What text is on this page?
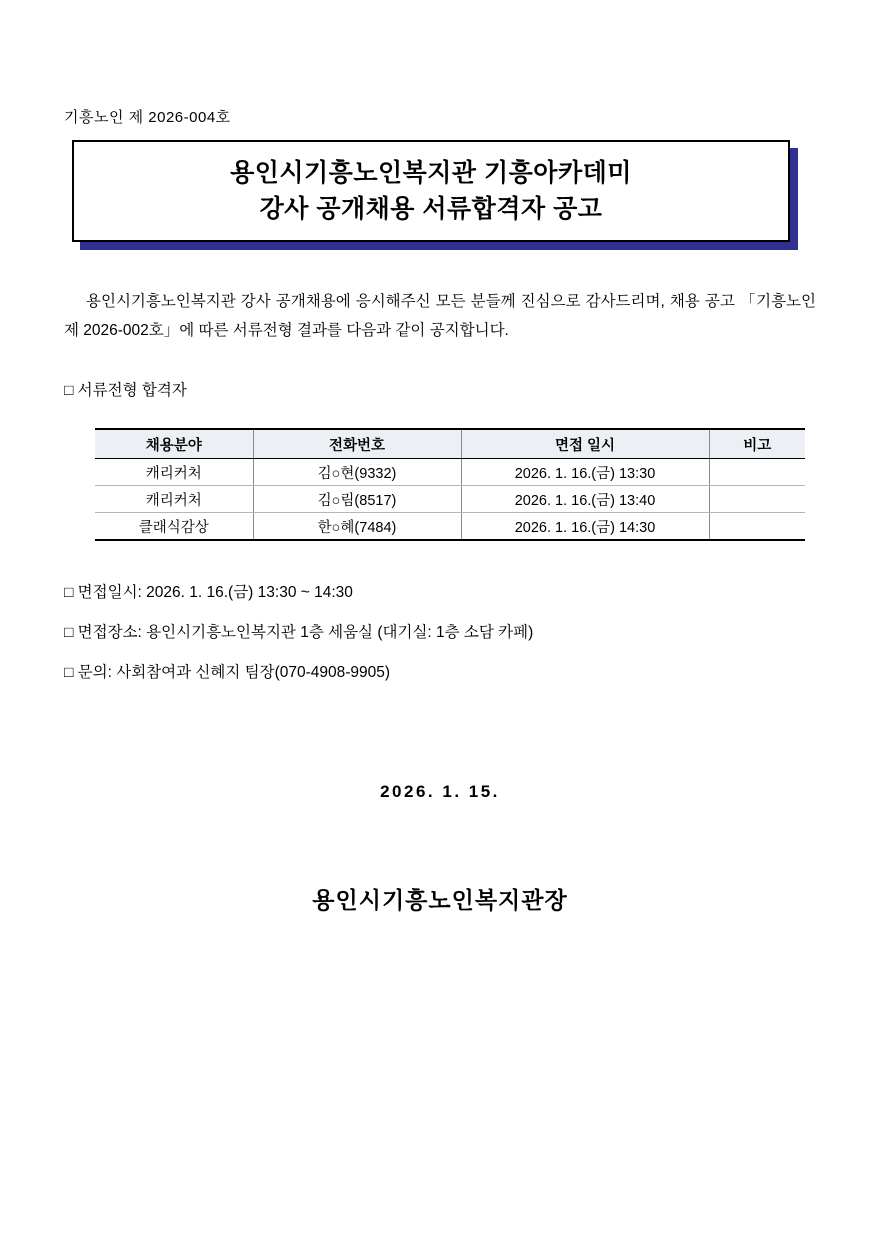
기흥노인 제 2026-004호
용인시기흥노인복지관 기흥아카데미
강사 공개채용 서류합격자 공고
용인시기흥노인복지관 강사 공개채용에 응시해주신 모든 분들께 진심으로 감사드리며, 채용 공고 「기흥노인 제 2026-002호」에 따른 서류전형 결과를 다음과 같이 공지합니다.
□ 서류전형 합격자
채용분야	전화번호	면접 일시	비고
캐리커처	김○현(9332)	2026. 1. 16.(금) 13:30	
캐리커처	김○림(8517)	2026. 1. 16.(금) 13:40	
클래식감상	한○혜(7484)	2026. 1. 16.(금) 14:30	
□ 면접일시: 2026. 1. 16.(금) 13:30 ~ 14:30
□ 면접장소: 용인시기흥노인복지관 1층 세움실 (대기실: 1층 소담 카페)
□ 문의: 사회참여과 신혜지 팀장(070-4908-9905)
2026. 1. 15.
용인시기흥노인복지관장
